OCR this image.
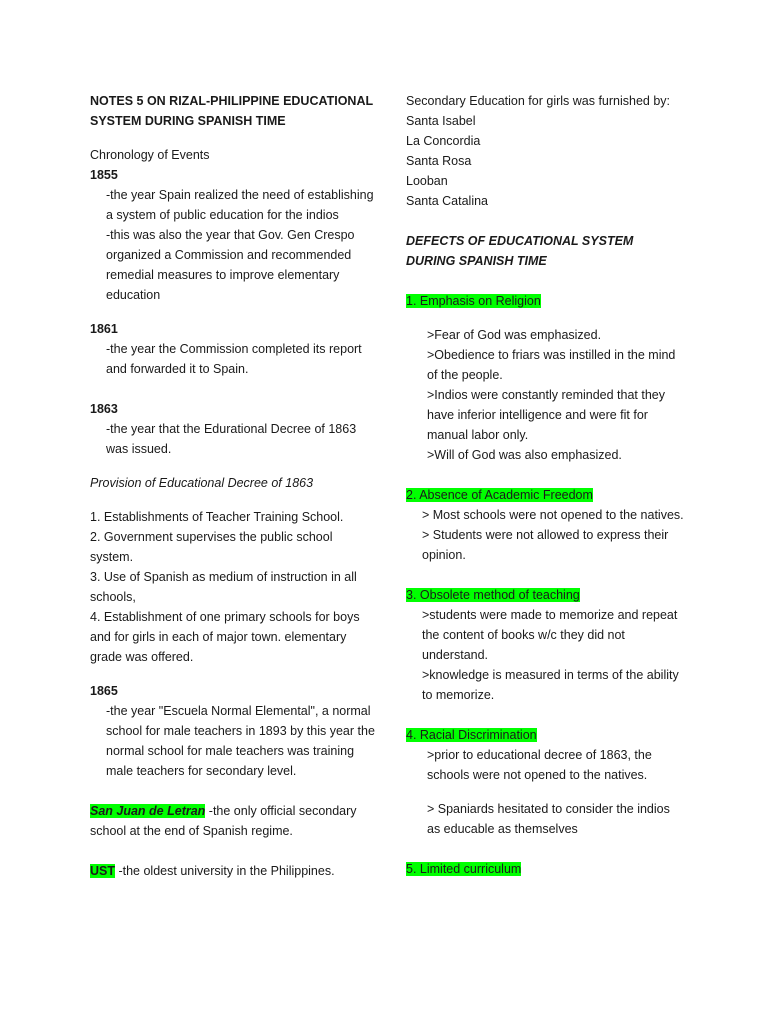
NOTES 5 ON RIZAL-PHILIPPINE EDUCATIONAL SYSTEM DURING SPANISH TIME

Chronology of Events

1855

-the year Spain realized the need of establishing a system of public education for the indios

-this was also the year that Gov. Gen Crespo organized a Commission and recommended remedial measures to improve elementary education

1861

-the year the Commission completed its report and forwarded it to Spain.

1863

-the year that the Edurational Decree of 1863 was issued.

Provision of Educational Decree of 1863

1. Establishments of Teacher Training School.

2. Government supervises the public school system.

3. Use of Spanish as medium of instruction in all schools,

4. Establishment of one primary schools for boys and for girls in each of major town. elementary grade was offered.

1865

-the year "Escuela Normal Elemental", a normal school for male teachers in 1893 by this year the normal school for male teachers was training male teachers for secondary level.

San Juan de Letran -the only official secondary school at the end of Spanish regime.

UST -the oldest university in the Philippines.

Secondary Education for girls was furnished by:

Santa Isabel
La Concordia
Santa Rosa
Looban
Santa Catalina

DEFECTS OF EDUCATIONAL SYSTEM DURING SPANISH TIME

1. Emphasis on Religion

>Fear of God was emphasized.

>Obedience to friars was instilled in the mind of the people.

>Indios were constantly reminded that they have inferior intelligence and were fit for manual labor only.

>Will of God was also emphasized.

2. Absence of Academic Freedom

> Most schools were not opened to the natives.

> Students were not allowed to express their opinion.

3. Obsolete method of teaching

>students were made to memorize and repeat the content of books w/c they did not understand.

>knowledge is measured in terms of the ability to memorize.

4. Racial Discrimination

>prior to educational decree of 1863, the schools were not opened to the natives.

> Spaniards hesitated to consider the indios as educable as themselves

5. Limited curriculum
